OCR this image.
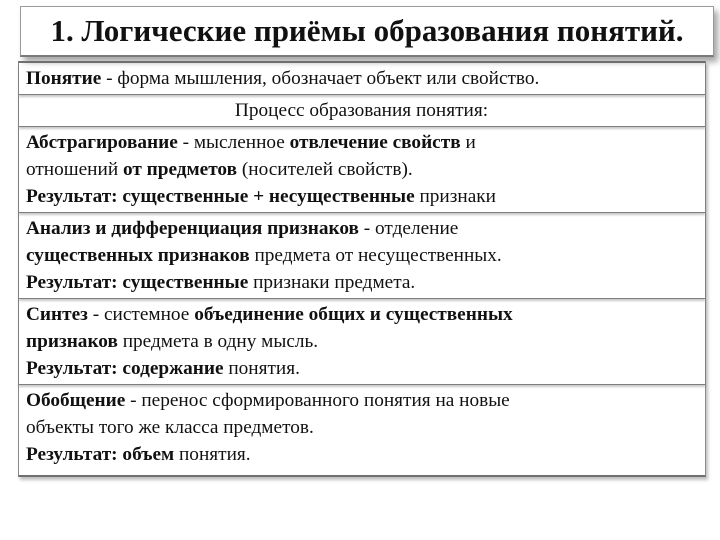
1. Логические приёмы образования понятий.
Понятие - форма мышления, обозначает объект или свойство.
Процесс образования понятия:
Абстрагирование - мысленное отвлечение свойств и
отношений от предметов (носителей свойств).
Результат: существенные + несущественные признаки
Анализ и дифференциация признаков - отделение
существенных признаков предмета от несущественных.
Результат: существенные признаки предмета.
Синтез - системное объединение общих и существенных
признаков предмета в одну мысль.
Результат: содержание понятия.
Обобщение - перенос сформированного понятия на новые
объекты того же класса предметов.
Результат: объем понятия.
